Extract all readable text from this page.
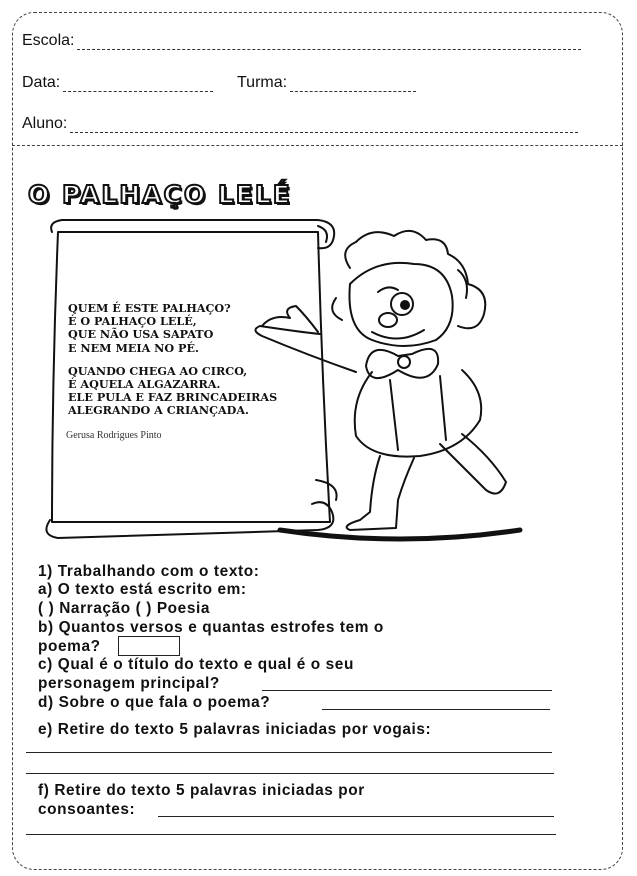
Escola:
Data:	Turma:
Aluno:
O PALHAÇO LELÉ
QUEM É ESTE PALHAÇO?
É O PALHAÇO LELÉ,
QUE NÃO USA SAPATO
E NEM MEIA NO PÉ.
QUANDO CHEGA AO CIRCO,
É AQUELA ALGAZARRA.
ELE PULA E FAZ BRINCADEIRAS
ALEGRANDO A CRIANÇADA.
Gerusa Rodrigues Pinto
1) Trabalhando com o texto:
a) O texto está escrito em:
( ) Narração ( ) Poesia
b) Quantos versos e quantas estrofes tem o
poema?
c) Qual é o título do texto e qual é o seu
personagem principal?
d) Sobre o que fala o poema?
e) Retire do texto 5 palavras iniciadas por vogais:
f) Retire do texto 5 palavras iniciadas por
consoantes:
